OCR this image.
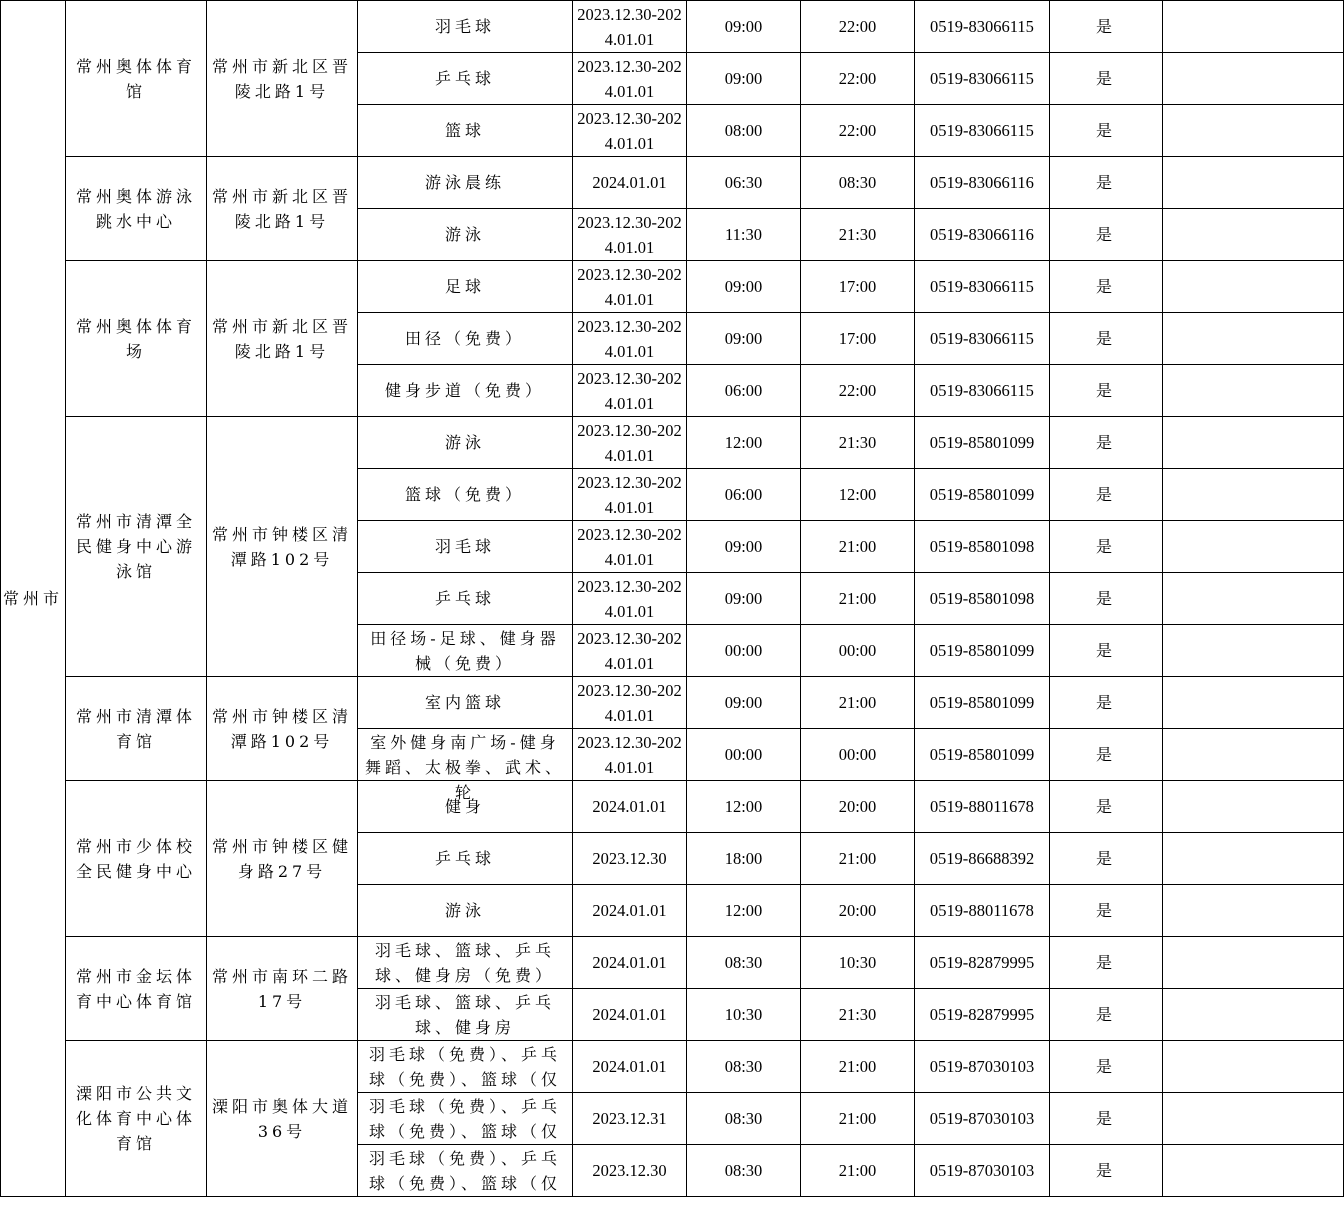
常州市	常州奥体体育馆	常州市新北区晋陵北路1号	羽毛球	2023.12.30-2024.01.01	09:00	22:00	0519-83066115	是	

			乒乓球	2023.12.30-2024.01.01	09:00	22:00	0519-83066115	是	

			篮球	2023.12.30-2024.01.01	08:00	22:00	0519-83066115	是	

	常州奥体游泳跳水中心	常州市新北区晋陵北路1号	游泳晨练	2024.01.01	06:30	08:30	0519-83066116	是	

			游泳	2023.12.30-2024.01.01	11:30	21:30	0519-83066116	是	

	常州奥体体育场	常州市新北区晋陵北路1号	足球	2023.12.30-2024.01.01	09:00	17:00	0519-83066115	是	

			田径（免费）	2023.12.30-2024.01.01	09:00	17:00	0519-83066115	是	

			健身步道（免费）	2023.12.30-2024.01.01	06:00	22:00	0519-83066115	是	

	常州市清潭全民健身中心游泳馆	常州市钟楼区清潭路102号	游泳	2023.12.30-2024.01.01	12:00	21:30	0519-85801099	是	

			篮球（免费）	2023.12.30-2024.01.01	06:00	12:00	0519-85801099	是	

			羽毛球	2023.12.30-2024.01.01	09:00	21:00	0519-85801098	是	

			乒乓球	2023.12.30-2024.01.01	09:00	21:00	0519-85801098	是	

			田径场-足球、健身器械（免费）	2023.12.30-2024.01.01	00:00	00:00	0519-85801099	是	

	常州市清潭体育馆	常州市钟楼区清潭路102号	室内篮球	2023.12.30-2024.01.01	09:00	21:00	0519-85801099	是	

			室外健身南广场-健身舞蹈、太极拳、武术、轮	2023.12.30-2024.01.01	00:00	00:00	0519-85801099	是	

	常州市少体校全民健身中心	常州市钟楼区健身路27号	健身	2024.01.01	12:00	20:00	0519-88011678	是	

			乒乓球	2023.12.30	18:00	21:00	0519-86688392	是	

			游泳	2024.01.01	12:00	20:00	0519-88011678	是	

	常州市金坛体育中心体育馆	常州市南环二路17号	羽毛球、篮球、乒乓球、健身房（免费）	2024.01.01	08:30	10:30	0519-82879995	是	

			羽毛球、篮球、乒乓球、健身房	2024.01.01	10:30	21:30	0519-82879995	是	

	溧阳市公共文化体育中心体育馆	溧阳市奥体大道36号	羽毛球（免费）、乒乓球（免费）、篮球（仅	2024.01.01	08:30	21:00	0519-87030103	是	

			羽毛球（免费）、乒乓球（免费）、篮球（仅	2023.12.31	08:30	21:00	0519-87030103	是	

			羽毛球（免费）、乒乓球（免费）、篮球（仅	2023.12.30	08:30	21:00	0519-87030103	是	
